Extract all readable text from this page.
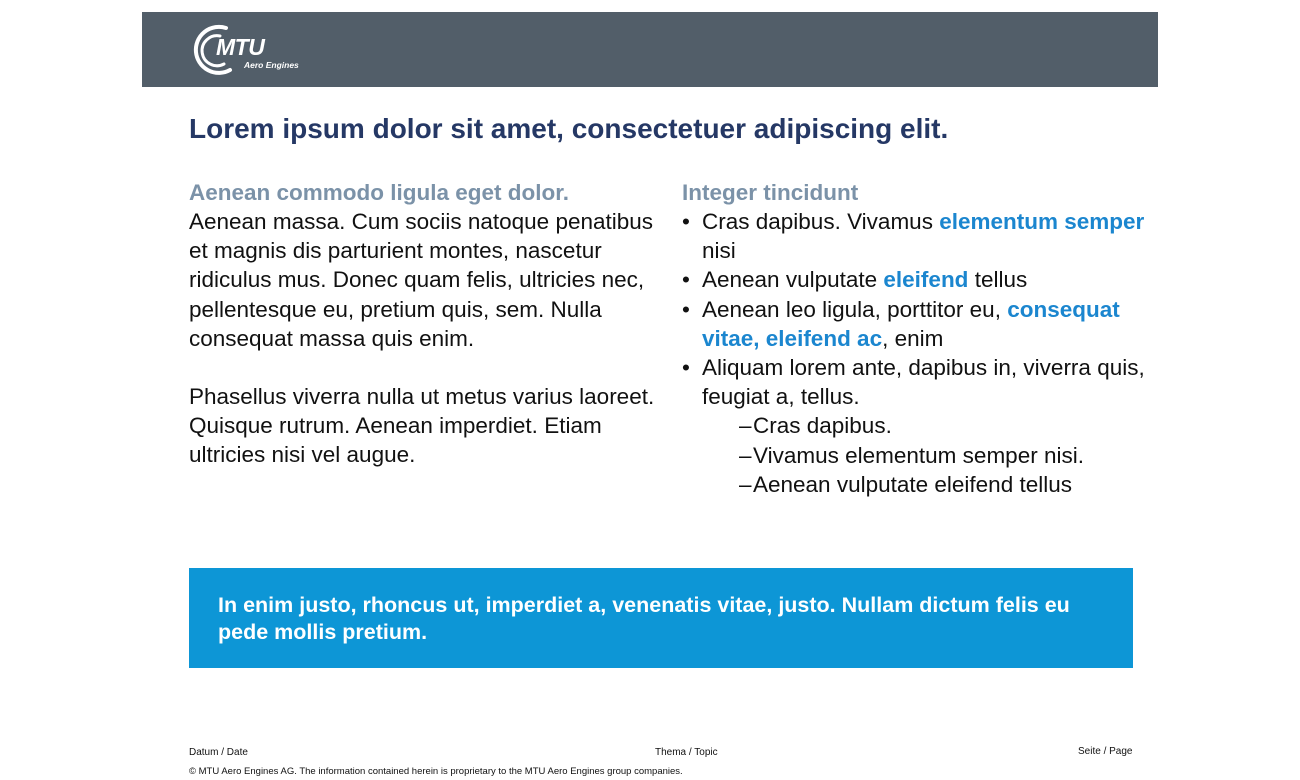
MTU
Aero Engines
Lorem ipsum dolor sit amet, consectetuer adipiscing elit.
Aenean commodo ligula eget dolor.

Aenean massa. Cum sociis natoque penatibus et magnis dis parturient montes, nascetur ridiculus mus. Donec quam felis, ultricies nec, pellentesque eu, pretium quis, sem. Nulla consequat massa quis enim.

Phasellus viverra nulla ut metus varius laoreet. Quisque rutrum. Aenean imperdiet. Etiam ultricies nisi vel augue.

Integer tincidunt
• Cras dapibus. Vivamus elementum semper nisi
• Aenean vulputate eleifend tellus
• Aenean leo ligula, porttitor eu, consequat vitae, eleifend ac, enim
• Aliquam lorem ante, dapibus in, viverra quis, feugiat a, tellus.
– Cras dapibus.
– Vivamus elementum semper nisi.
– Aenean vulputate eleifend tellus

In enim justo, rhoncus ut, imperdiet a, venenatis vitae, justo. Nullam dictum felis eu pede mollis pretium.

Datum / Date	Thema / Topic	Seite / Page
© MTU Aero Engines AG. The information contained herein is proprietary to the MTU Aero Engines group companies.
